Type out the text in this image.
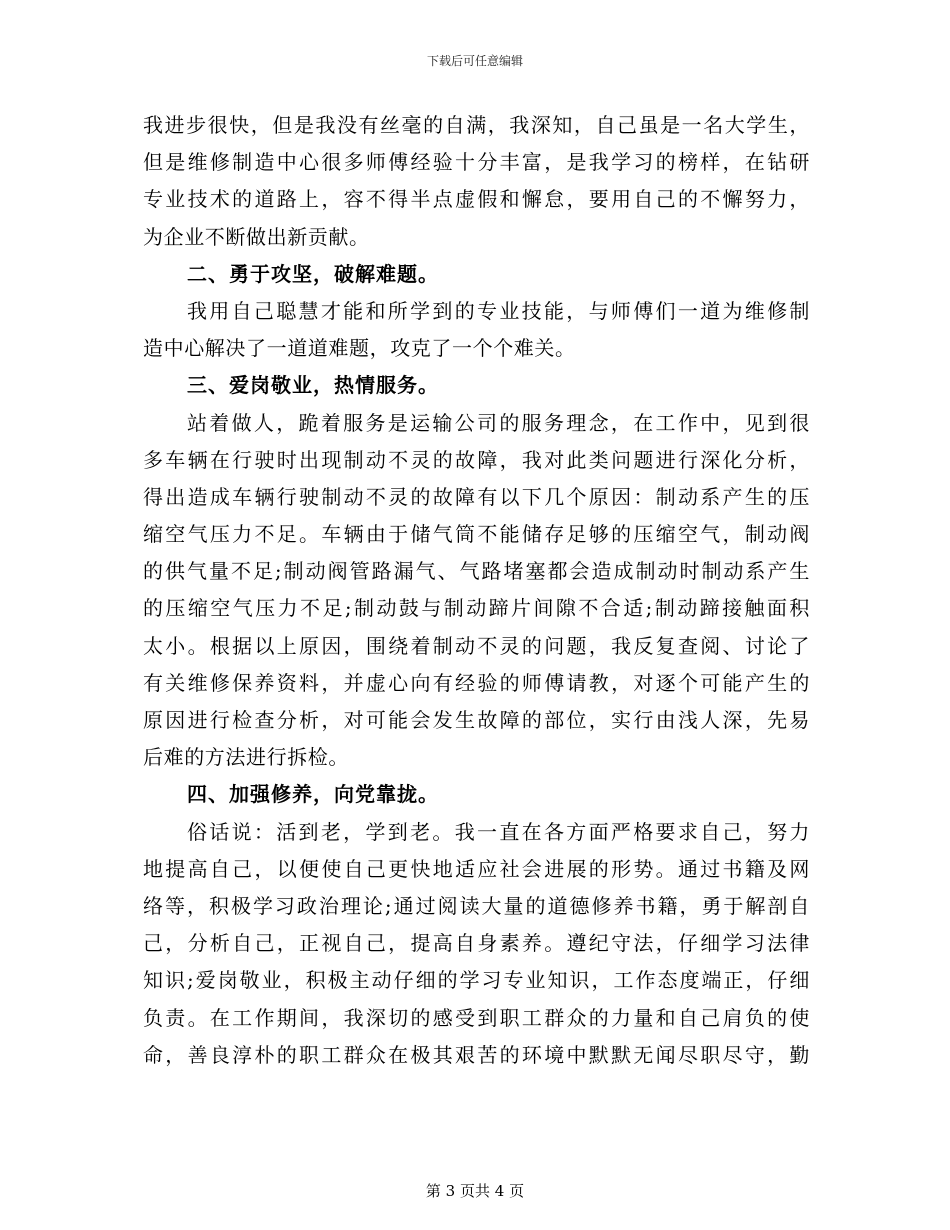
下载后可任意编辑
我进步很快，但是我没有丝毫的自满，我深知，自己虽是一名大学生，
但是维修制造中心很多师傅经验十分丰富，是我学习的榜样，在钻研
专业技术的道路上，容不得半点虚假和懈怠，要用自己的不懈努力，
为企业不断做出新贡献。
二、勇于攻坚，破解难题。
我用自己聪慧才能和所学到的专业技能，与师傅们一道为维修制
造中心解决了一道道难题，攻克了一个个难关。
三、爱岗敬业，热情服务。
站着做人，跪着服务是运输公司的服务理念，在工作中，见到很
多车辆在行驶时出现制动不灵的故障，我对此类问题进行深化分析，
得出造成车辆行驶制动不灵的故障有以下几个原因：制动系产生的压
缩空气压力不足。车辆由于储气筒不能储存足够的压缩空气，制动阀
的供气量不足;制动阀管路漏气、气路堵塞都会造成制动时制动系产生
的压缩空气压力不足;制动鼓与制动蹄片间隙不合适;制动蹄接触面积
太小。根据以上原因，围绕着制动不灵的问题，我反复查阅、讨论了
有关维修保养资料，并虚心向有经验的师傅请教，对逐个可能产生的
原因进行检查分析，对可能会发生故障的部位，实行由浅人深，先易
后难的方法进行拆检。
四、加强修养，向党靠拢。
俗话说：活到老，学到老。我一直在各方面严格要求自己，努力
地提高自己，以便使自己更快地适应社会进展的形势。通过书籍及网
络等，积极学习政治理论;通过阅读大量的道德修养书籍，勇于解剖自
己，分析自己，正视自己，提高自身素养。遵纪守法，仔细学习法律
知识;爱岗敬业，积极主动仔细的学习专业知识，工作态度端正，仔细
负责。在工作期间，我深切的感受到职工群众的力量和自己肩负的使
命，善良淳朴的职工群众在极其艰苦的环境中默默无闻尽职尽守，勤
第 3 页共 4 页
